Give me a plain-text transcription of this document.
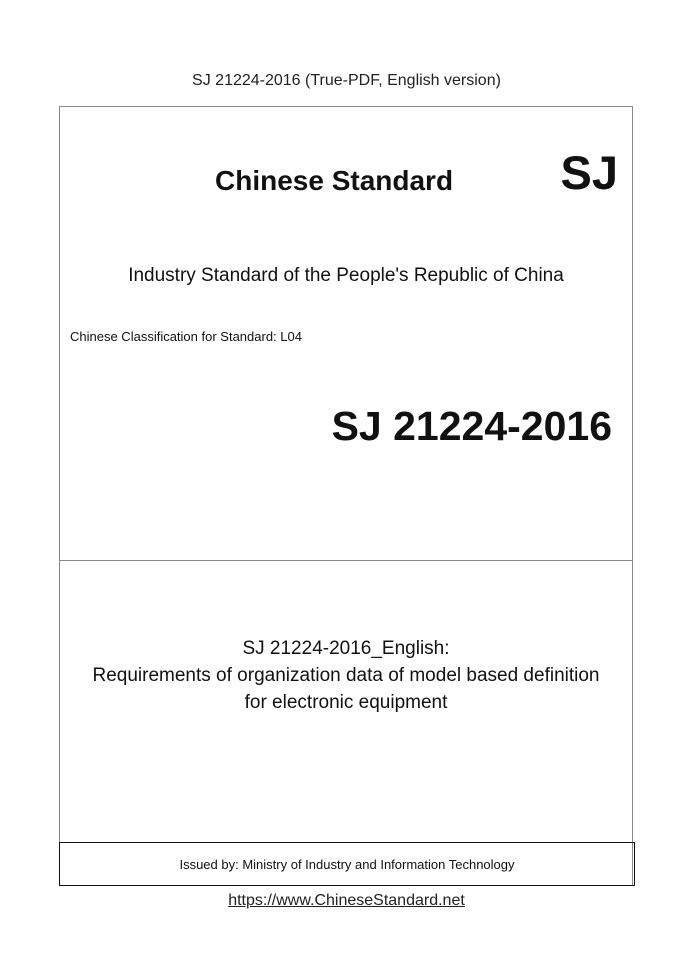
SJ 21224-2016 (True-PDF, English version)
Chinese Standard SJ
Industry Standard of the People's Republic of China
Chinese Classification for Standard: L04
SJ 21224-2016
SJ 21224-2016_English:
Requirements of organization data of model based definition
for electronic equipment
Issued by: Ministry of Industry and Information Technology
https://www.ChineseStandard.net
